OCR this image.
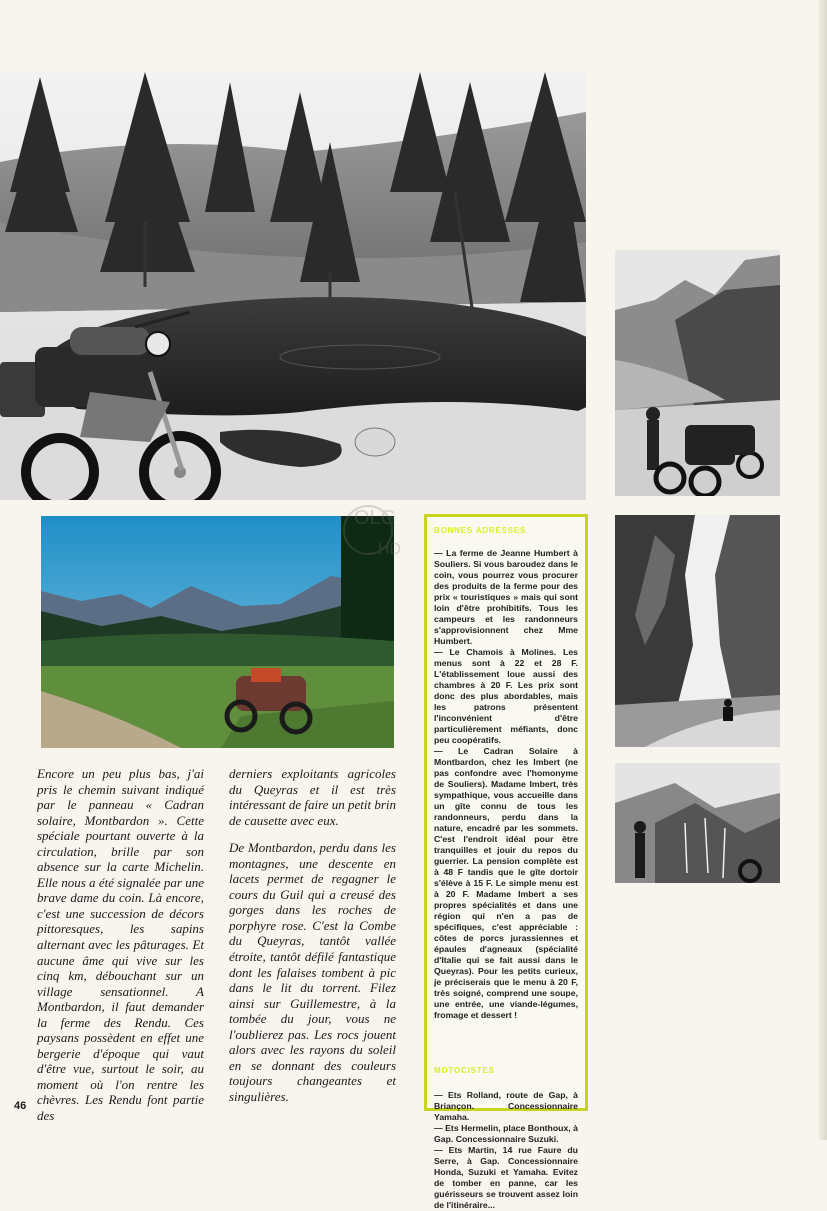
OLG
HD

Encore un peu plus bas, j'ai pris le chemin suivant indiqué par le panneau « Cadran solaire, Montbardon ». Cette spéciale pourtant ouverte à la circulation, brille par son absence sur la carte Michelin. Elle nous a été signalée par une brave dame du coin. Là encore, c'est une succession de décors pittoresques, les sapins alternant avec les pâturages. Et aucune âme qui vive sur les cinq km, débouchant sur un village sensationnel. A Montbardon, il faut demander la ferme des Rendu. Ces paysans possèdent en effet une bergerie d'époque qui vaut d'être vue, surtout le soir, au moment où l'on rentre les chèvres. Les Rendu font partie des

derniers exploitants agricoles du Queyras et il est très intéressant de faire un petit brin de causette avec eux.

De Montbardon, perdu dans les montagnes, une descente en lacets permet de regagner le cours du Guil qui a creusé des gorges dans les roches de porphyre rose. C'est la Combe du Queyras, tantôt vallée étroite, tantôt défilé fantastique dont les falaises tombent à pic dans le lit du torrent. Filez ainsi sur Guillemestre, à la tombée du jour, vous ne l'oublierez pas. Les rocs jouent alors avec les rayons du soleil en se donnant des couleurs toujours changeantes et singulières.

BONNES ADRESSES

— La ferme de Jeanne Humbert à Souliers. Si vous baroudez dans le coin, vous pourrez vous procurer des produits de la ferme pour des prix « touristiques » mais qui sont loin d'être prohibitifs. Tous les campeurs et les randonneurs s'approvisionnent chez Mme Humbert.

— Le Chamois à Molines. Les menus sont à 22 et 28 F. L'établissement loue aussi des chambres à 20 F. Les prix sont donc des plus abordables, mais les patrons présentent l'inconvénient d'être particulièrement méfiants, donc peu coopératifs.

— Le Cadran Solaire à Montbardon, chez les Imbert (ne pas confondre avec l'homonyme de Souliers). Madame Imbert, très sympathique, vous accueille dans un gîte connu de tous les randonneurs, perdu dans la nature, encadré par les sommets. C'est l'endroit idéal pour être tranquilles et jouir du repos du guerrier. La pension complète est à 48 F tandis que le gîte dortoir s'élève à 15 F. Le simple menu est à 20 F. Madame Imbert a ses propres spécialités et dans une région qui n'en a pas de spécifiques, c'est appréciable : côtes de porcs jurassiennes et épaules d'agneaux (spécialité d'Italie qui se fait aussi dans le Queyras). Pour les petits curieux, je préciserais que le menu à 20 F, très soigné, comprend une soupe, une entrée, une viande-légumes, fromage et dessert !

MOTOCISTES

— Ets Rolland, route de Gap, à Briançon. Concessionnaire Yamaha.

— Ets Hermelin, place Bonthoux, à Gap. Concessionnaire Suzuki.

— Ets Martin, 14 rue Faure du Serre, à Gap. Concessionnaire Honda, Suzuki et Yamaha. Evitez de tomber en panne, car les guérisseurs se trouvent assez loin de l'itinéraire...

46
